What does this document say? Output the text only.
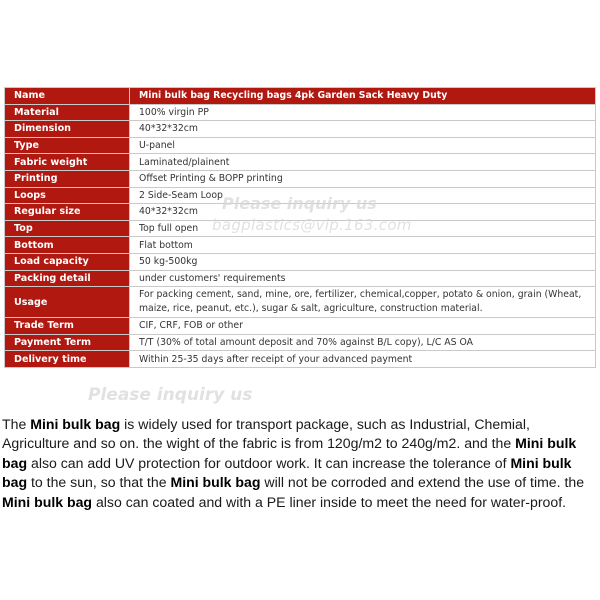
Name	Mini bulk bag Recycling bags 4pk Garden Sack Heavy Duty
Material	100% virgin PP
Dimension	40*32*32cm
Type	U-panel
Fabric weight	Laminated/plainent
Printing	Offset Printing & BOPP printing
Loops	2 Side-Seam Loop
Regular size	40*32*32cm
Top	Top full open
Bottom	Flat bottom
Load capacity	50 kg-500kg
Packing detail	under customers' requirements
Usage	For packing cement, sand, mine, ore, fertilizer, chemical,copper, potato & onion, grain (Wheat, maize, rice, peanut, etc.), sugar & salt, agriculture, construction material.
Trade Term	CIF, CRF, FOB or other
Payment Term	T/T (30% of total amount deposit and 70% against B/L copy), L/C AS OA
Delivery time	Within 25-35 days after receipt of your advanced payment
Please inquiry us
bagplastics@vip.163.com
Please inquiry us

The Mini bulk bag is widely used for transport package, such as Industrial, Chemial, Agriculture and so on. the wight of the fabric is from 120g/m2 to 240g/m2. and the Mini bulk bag also can add UV protection for outdoor work. It can increase the tolerance of Mini bulk bag to the sun, so that the Mini bulk bag will not be corroded and extend the use of time. the Mini bulk bag also can coated and with a PE liner inside to meet the need for water-proof.
